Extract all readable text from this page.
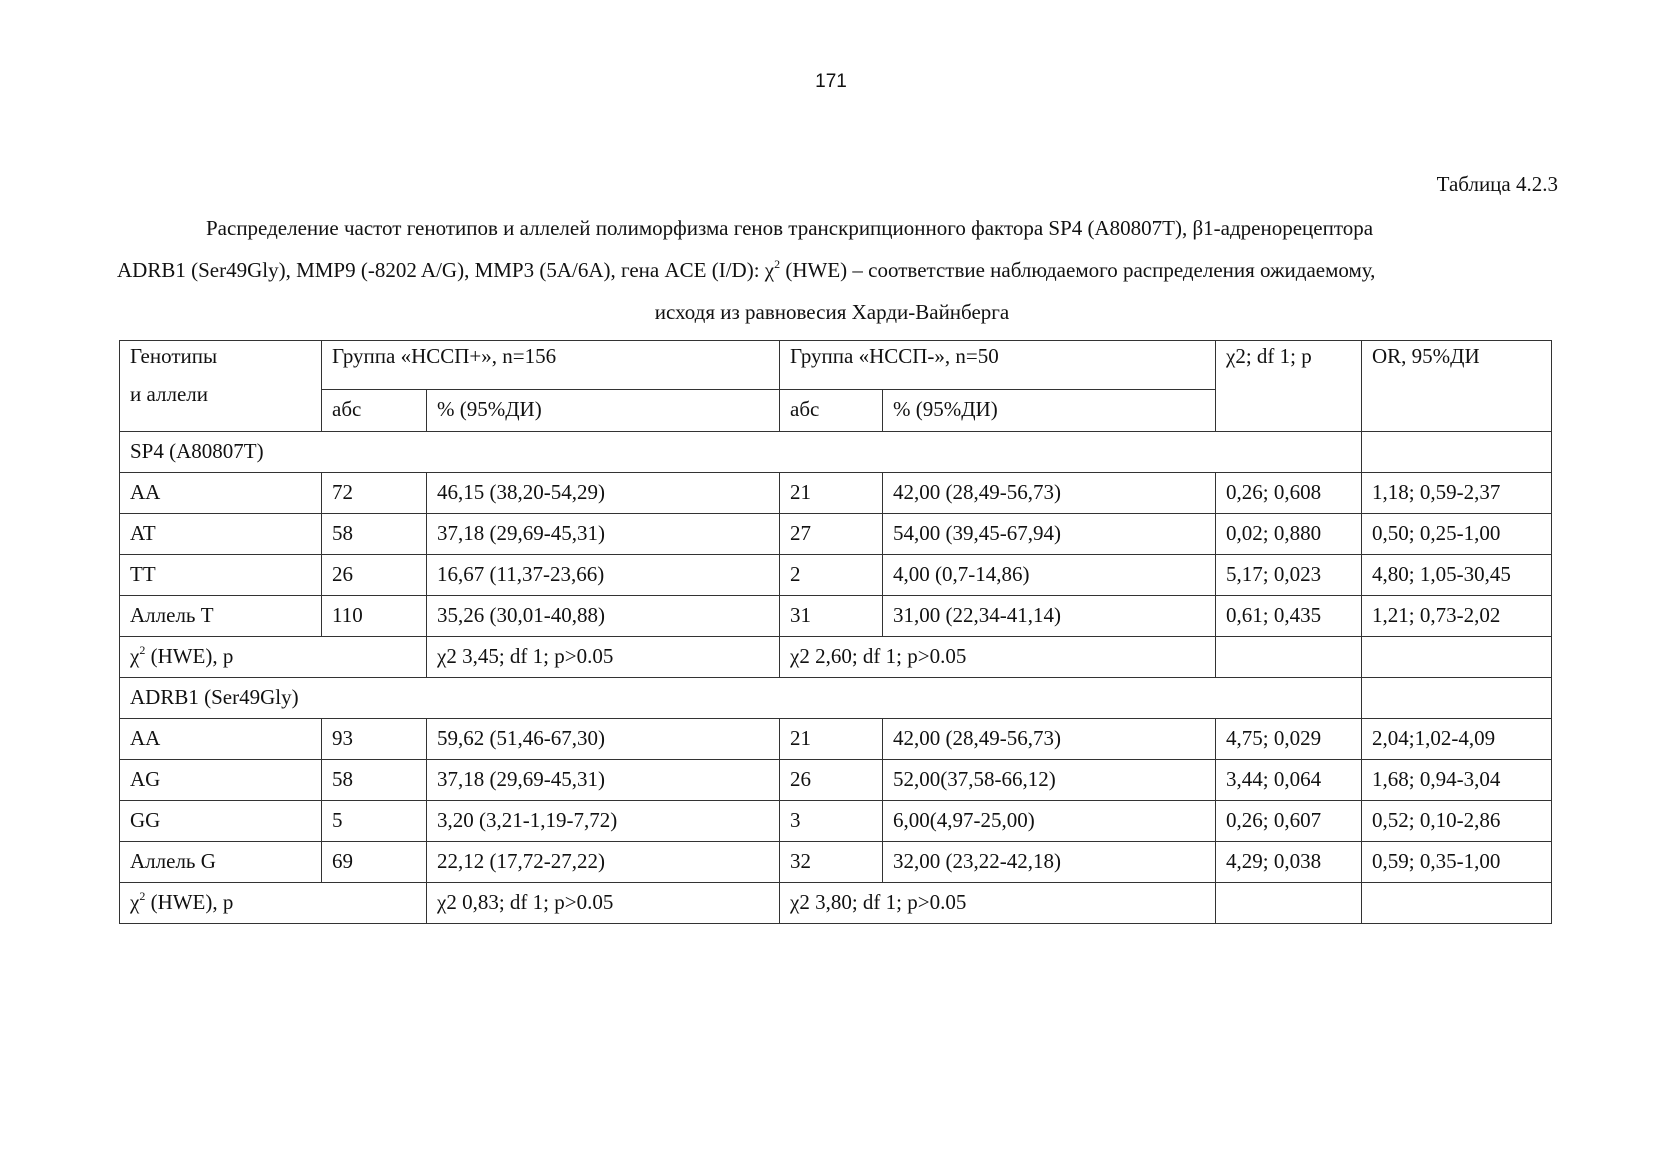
171
Таблица 4.2.3
Распределение частот генотипов и аллелей полиморфизма генов транскрипционного фактора SP4 (A80807T), β1-адренорецептора
ADRB1 (Ser49Gly), MMP9 (-8202 A/G), MMP3 (5A/6A), гена ACE (I/D): $\chi^2$ (HWE) – соответствие наблюдаемого распределения ожидаемому,
исходя из равновесия Харди-Вайнберга
Генотипы
и аллели	Группа «НССП+», n=156		Группа «НССП-», n=50		χ2; df 1; p	OR, 95%ДИ
	абс	% (95%ДИ)	абс	% (95%ДИ)		
SP4 (A80807T)						
AA	72	46,15 (38,20-54,29)	21	42,00 (28,49-56,73)	0,26; 0,608	1,18; 0,59-2,37
AT	58	37,18 (29,69-45,31)	27	54,00 (39,45-67,94)	0,02; 0,880	0,50; 0,25-1,00
TT	26	16,67 (11,37-23,66)	2	4,00 (0,7-14,86)	5,17; 0,023	4,80; 1,05-30,45
Аллель T	110	35,26 (30,01-40,88)	31	31,00 (22,34-41,14)	0,61; 0,435	1,21; 0,73-2,02
$\chi^2$ (HWE), p		χ2 3,45; df 1; p>0.05	χ2 2,60; df 1; p>0.05			
ADRB1 (Ser49Gly)						
AA	93	59,62 (51,46-67,30)	21	42,00 (28,49-56,73)	4,75; 0,029	2,04;1,02-4,09
AG	58	37,18 (29,69-45,31)	26	52,00(37,58-66,12)	3,44; 0,064	1,68; 0,94-3,04
GG	5	3,20 (3,21-1,19-7,72)	3	6,00(4,97-25,00)	0,26; 0,607	0,52; 0,10-2,86
Аллель G	69	22,12 (17,72-27,22)	32	32,00 (23,22-42,18)	4,29; 0,038	0,59; 0,35-1,00
$\chi^2$ (HWE), p		χ2 0,83; df 1; p>0.05	χ2 3,80; df 1; p>0.05			
